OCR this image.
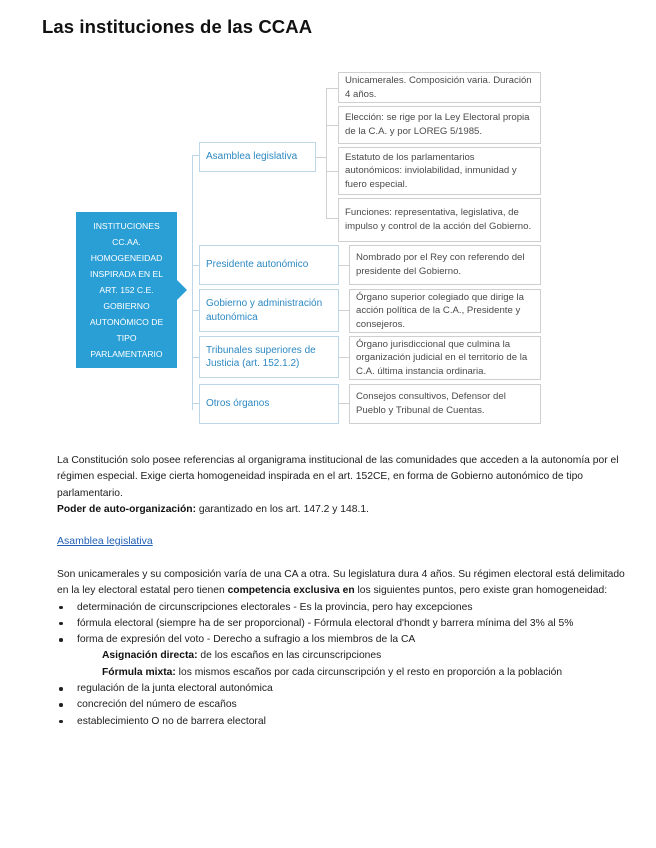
Las instituciones de las CCAA
INSTITUCIONES
CC.AA.
HOMOGENEIDAD
INSPIRADA EN EL
ART. 152 C.E.
GOBIERNO
AUTONÓMICO DE
TIPO
PARLAMENTARIO
Asamblea legislativa
Presidente autonómico
Gobierno y administración autonómica
Tribunales superiores de Justicia (art. 152.1.2)
Otros órganos
Unicamerales. Composición varia. Duración 4 años.
Elección: se rige por la Ley Electoral propia de la C.A. y por LOREG 5/1985.
Estatuto de los parlamentarios autonómicos: inviolabilidad, inmunidad y fuero especial.
Funciones: representativa, legislativa, de impulso y control de la acción del Gobierno.
Nombrado por el Rey con referendo del presidente del Gobierno.
Órgano superior colegiado que dirige la acción política de la C.A., Presidente y consejeros.
Órgano jurisdiccional que culmina la organización judicial en el territorio de la C.A. última instancia ordinaria.
Consejos consultivos, Defensor del Pueblo y Tribunal de Cuentas.
La Constitución solo posee referencias al organigrama institucional de las comunidades que acceden a la autonomía por el régimen especial. Exige cierta homogeneidad inspirada en el art. 152CE, en forma de Gobierno autonómico de tipo parlamentario.
Poder de auto-organización: garantizado en los art. 147.2 y 148.1.
Asamblea legislativa
Son unicamerales y su composición varía de una CA a otra. Su legislatura dura 4 años. Su régimen electoral está delimitado en la ley electoral estatal pero tienen competencia exclusiva en los siguientes puntos, pero existe gran homogeneidad:
determinación de circunscripciones electorales - Es la provincia, pero hay excepciones
fórmula electoral (siempre ha de ser proporcional) - Fórmula electoral d'hondt y barrera mínima del 3% al 5%
forma de expresión del voto - Derecho a sufragio a los miembros de la CA
Asignación directa: de los escaños en las circunscripciones
Fórmula mixta: los mismos escaños por cada circunscripción y el resto en proporción a la población
regulación de la junta electoral autonómica
concreción del número de escaños
establecimiento O no de barrera electoral
